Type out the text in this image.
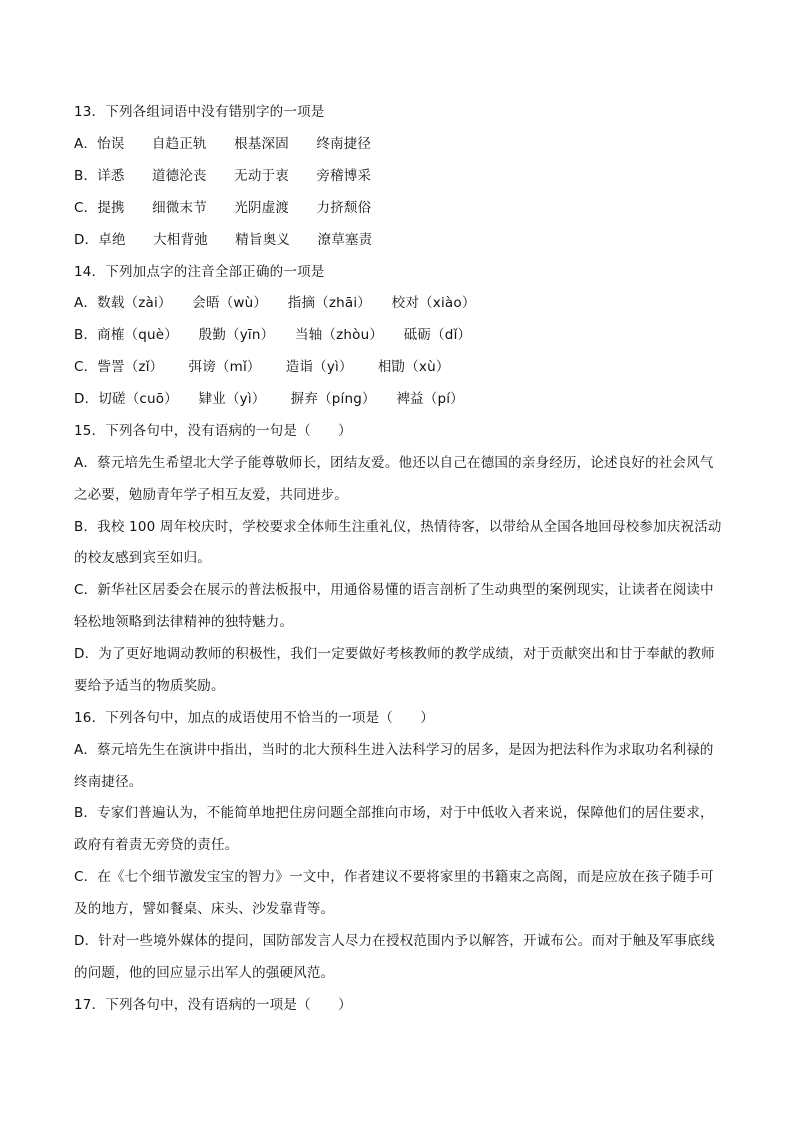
13．下列各组词语中没有错别字的一项是

A．怡误　　自趋正轨　　根基深固　　终南捷径

B．详悉　　道德沦丧　　无动于衷　　旁稽博采

C．提携　　细微末节　　光阴虚渡　　力挤颓俗

D．卓绝　　大相背弛　　精旨奥义　　潦草塞责

14．下列加点字的注音全部正确的一项是

A．数载（zài）　　会晤（wù）　　指摘（zhāi）　　校对（xiào）

B．商榷（què）　　殷勤（yīn）　　当轴（zhòu）　　砥砺（dǐ）

C．訾詈（zǐ）　　 弭谤（mǐ）　　 造诣（yì）　　 相勖（xù）

D．切磋（cuō）　　肄业（yì）　　 摒弃（píng）　　裨益（pí）

15．下列各句中，没有语病的一句是（　　）

A．蔡元培先生希望北大学子能尊敬师长，团结友爱。他还以自己在德国的亲身经历，论述良好的社会风气

之必要，勉励青年学子相互友爱，共同进步。

B．我校 100 周年校庆时，学校要求全体师生注重礼仪，热情待客，以带给从全国各地回母校参加庆祝活动

的校友感到宾至如归。

C．新华社区居委会在展示的普法板报中，用通俗易懂的语言剖析了生动典型的案例现实，让读者在阅读中

轻松地领略到法律精神的独特魅力。

D．为了更好地调动教师的积极性，我们一定要做好考核教师的教学成绩，对于贡献突出和甘于奉献的教师

要给予适当的物质奖励。

16．下列各句中，加点的成语使用不恰当的一项是（　　）

A．蔡元培先生在演讲中指出，当时的北大预科生进入法科学习的居多，是因为把法科作为求取功名利禄的

终南捷径。

B．专家们普遍认为，不能简单地把住房问题全部推向市场，对于中低收入者来说，保障他们的居住要求，

政府有着责无旁贷的责任。

C．在《七个细节激发宝宝的智力》一文中，作者建议不要将家里的书籍束之高阁，而是应放在孩子随手可

及的地方，譬如餐桌、床头、沙发靠背等。

D．针对一些境外媒体的提问，国防部发言人尽力在授权范围内予以解答，开诚布公。而对于触及军事底线

的问题，他的回应显示出军人的强硬风范。

17．下列各句中，没有语病的一项是（　　）
